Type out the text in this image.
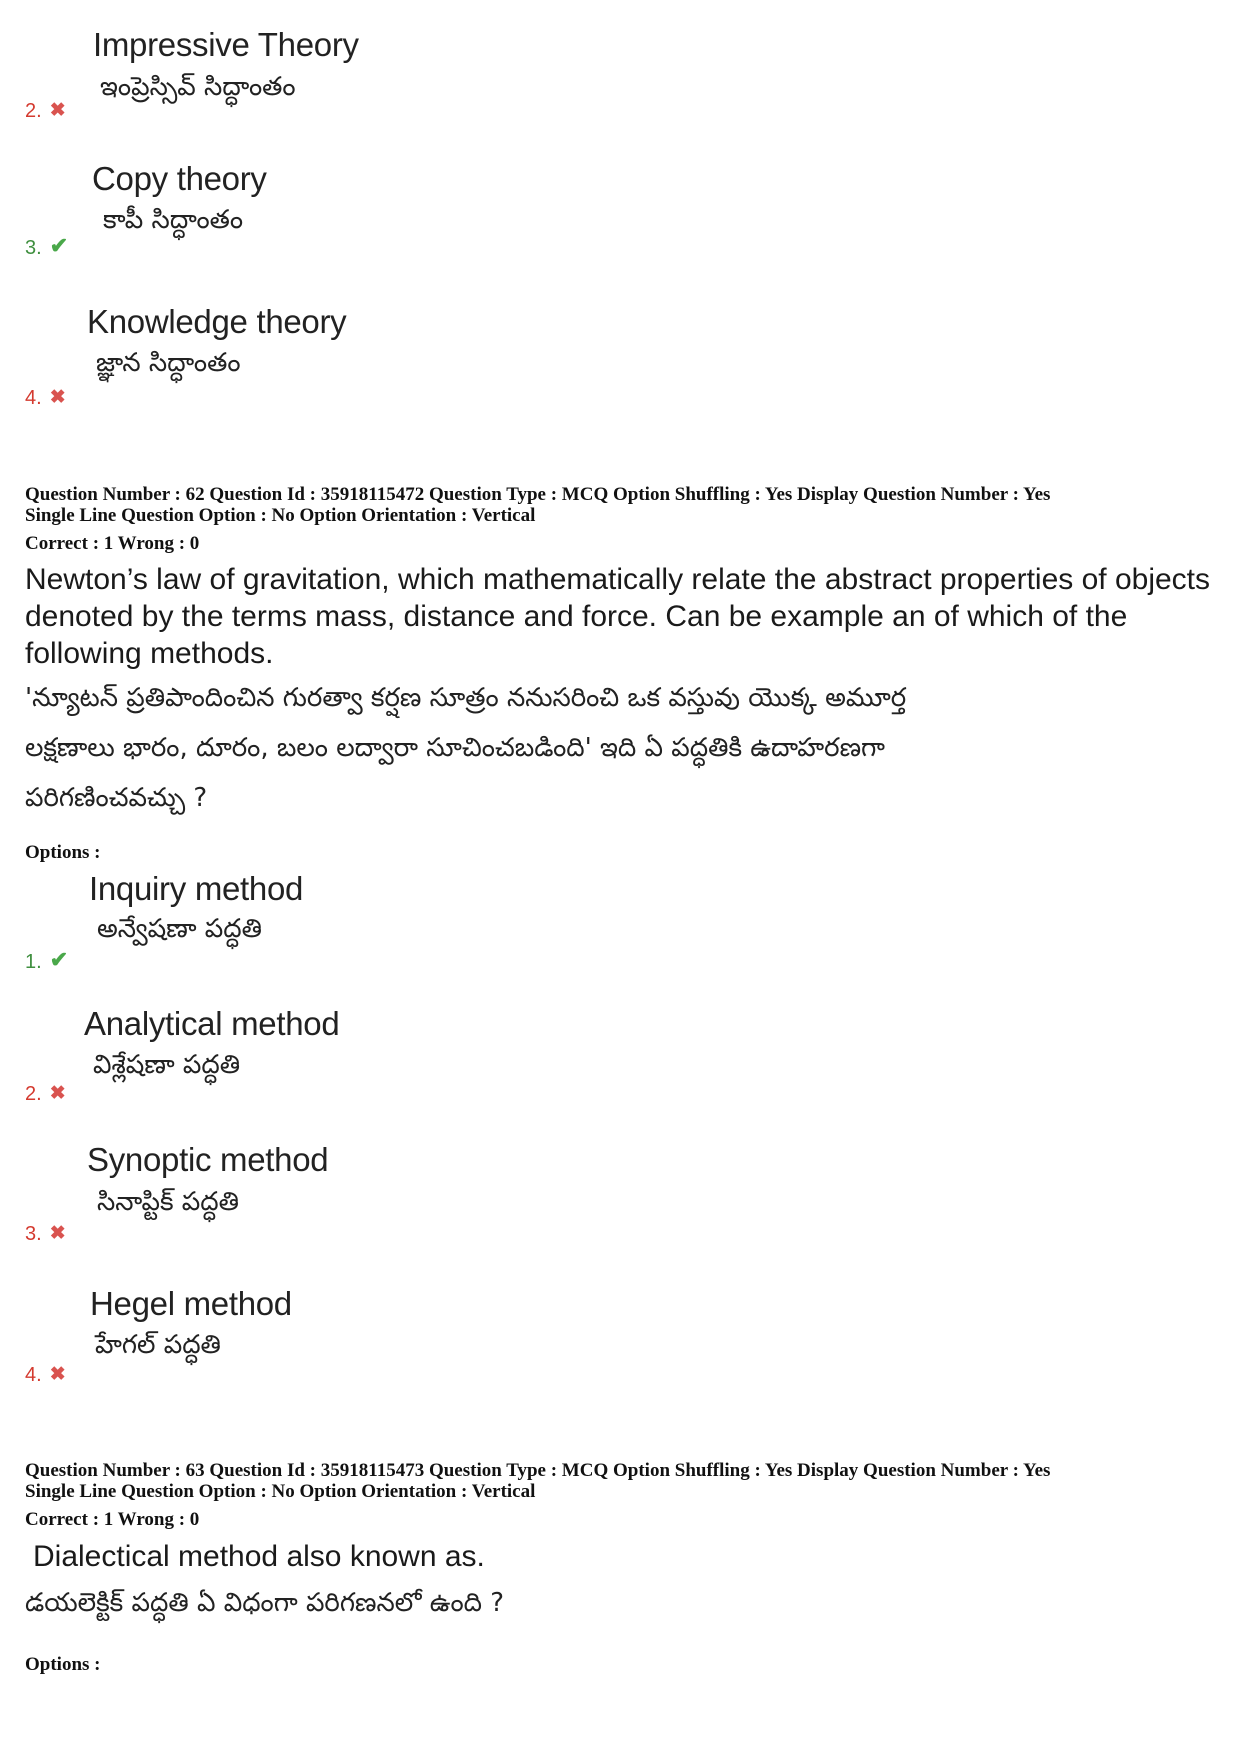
Impressive Theory
ఇంప్రెస్సివ్ సిద్ధాంతం
2. ✖
Copy theory
కాపీ సిద్ధాంతం
3. ✔
Knowledge theory
జ్ఞాన సిద్ధాంతం
4. ✖
Question Number : 62 Question Id : 35918115472 Question Type : MCQ Option Shuffling : Yes Display Question Number : Yes
Single Line Question Option : No Option Orientation : Vertical
Correct : 1 Wrong : 0
Newton’s law of gravitation, which mathematically relate the abstract properties of objects denoted by the terms mass, distance and force. Can be example an of which of the following methods.
'న్యూటన్ ప్రతిపాందించిన గురత్వా కర్షణ సూత్రం ననుసరించి ఒక వస్తువు యొక్క అమూర్త
లక్షణాలు భారం, దూరం, బలం లద్వారా సూచించబడింది' ఇది ఏ పద్ధతికి ఉదాహరణగా
పరిగణించవచ్చు ?
Options :
Inquiry method
అన్వేషణా పద్ధతి
1. ✔
Analytical method
విశ్లేషణా పద్ధతి
2. ✖
Synoptic method
సినాప్టిక్ పద్ధతి
3. ✖
Hegel method
హేగల్ పద్ధతి
4. ✖
Question Number : 63 Question Id : 35918115473 Question Type : MCQ Option Shuffling : Yes Display Question Number : Yes
Single Line Question Option : No Option Orientation : Vertical
Correct : 1 Wrong : 0
Dialectical method also known as.
డయలెక్టిక్ పద్ధతి ఏ విధంగా పరిగణనలో ఉంది ?
Options :
